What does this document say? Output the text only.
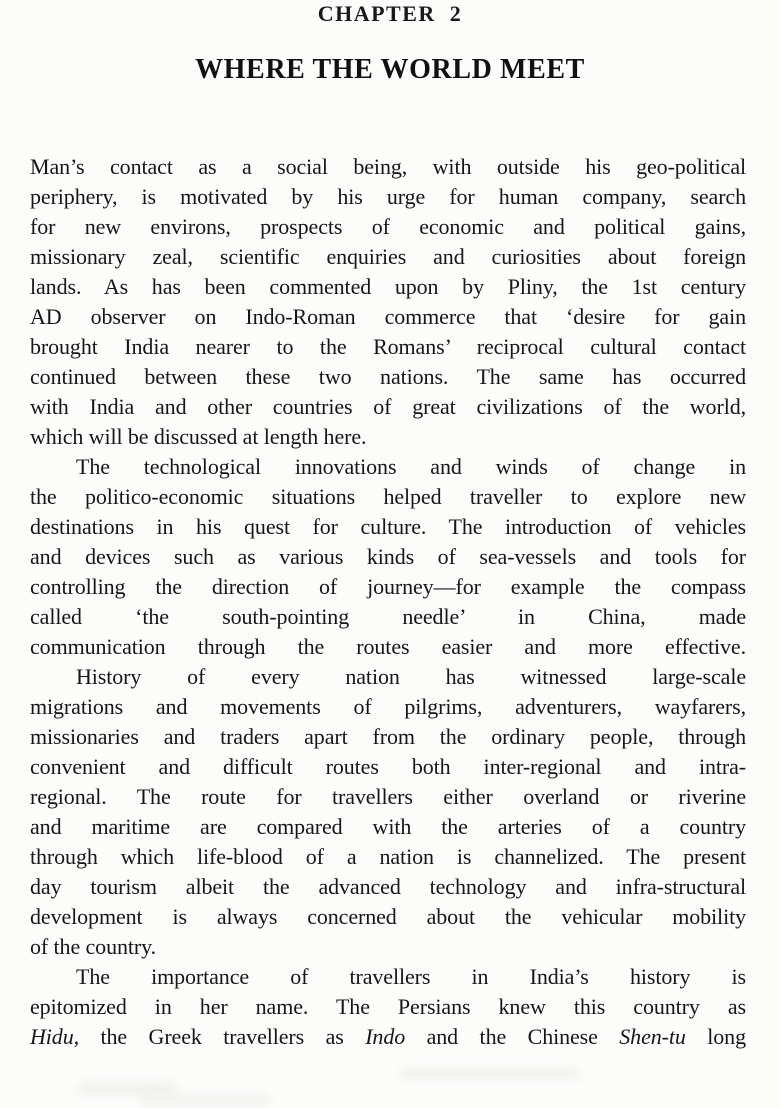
CHAPTER  2
WHERE THE WORLD MEET
Man’s contact as a social being, with outside his geo-political
periphery, is motivated by his urge for human company, search
for new environs, prospects of economic and political gains,
missionary zeal, scientific enquiries and curiosities about foreign
lands. As has been commented upon by Pliny, the 1st century
AD observer on Indo-Roman commerce that ‘desire for gain
brought India nearer to the Romans’ reciprocal cultural contact
continued between these two nations. The same has occurred
with India and other countries of great civilizations of the world,
which will be discussed at length here.
The technological innovations and winds of change in
the politico-economic situations helped traveller to explore new
destinations in his quest for culture. The introduction of vehicles
and devices such as various kinds of sea-vessels and tools for
controlling the direction of journey—for example the compass
called ‘the south-pointing needle’ in China, made
communication through the routes easier and more effective.
History of every nation has witnessed large-scale
migrations and movements of pilgrims, adventurers, wayfarers,
missionaries and traders apart from the ordinary people, through
convenient and difficult routes both inter-regional and intra-
regional. The route for travellers either overland or riverine
and maritime are compared with the arteries of a country
through which life-blood of a nation is channelized. The present
day tourism albeit the advanced technology and infra-structural
development is always concerned about the vehicular mobility
of the country.
The importance of travellers in India’s history is
epitomized in her name. The Persians knew this country as
Hidu, the Greek travellers as Indo and the Chinese Shen-tu long
